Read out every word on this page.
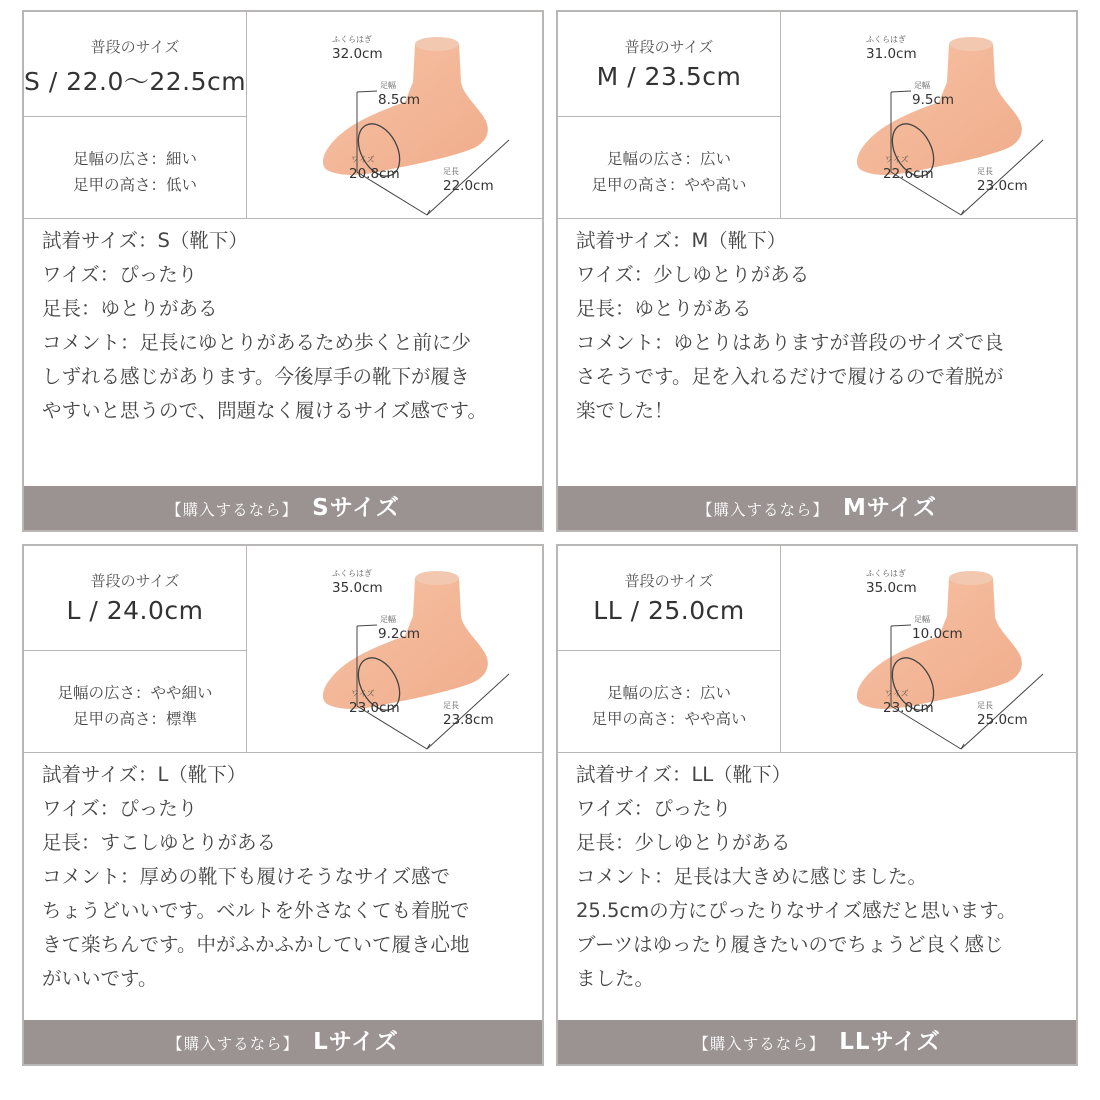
普段のサイズ
S / 22.0〜22.5cm
足幅の広さ：細い
足甲の高さ：低い
ふくらはぎ
32.0cm
足幅
8.5cm
ワイズ
20.8cm	足長
22.0cm
試着サイズ：S（靴下）
ワイズ：ぴったり
足長：ゆとりがある
コメント：足長にゆとりがあるため歩くと前に少
しずれる感じがあります。今後厚手の靴下が履き
やすいと思うので、問題なく履けるサイズ感です。
【購入するなら】 Sサイズ
普段のサイズ
M / 23.5cm
足幅の広さ：広い
足甲の高さ：やや高い
ふくらはぎ
31.0cm
足幅
9.5cm
ワイズ
22.6cm	足長
23.0cm
試着サイズ：M（靴下）
ワイズ：少しゆとりがある
足長：ゆとりがある
コメント：ゆとりはありますが普段のサイズで良
さそうです。足を入れるだけで履けるので着脱が
楽でした！
【購入するなら】 Mサイズ
普段のサイズ
L / 24.0cm
足幅の広さ：やや細い
足甲の高さ：標準
ふくらはぎ
35.0cm
足幅
9.2cm
ワイズ
23.0cm	足長
23.8cm
試着サイズ：L（靴下）
ワイズ：ぴったり
足長：すこしゆとりがある
コメント：厚めの靴下も履けそうなサイズ感で
ちょうどいいです。ベルトを外さなくても着脱で
きて楽ちんです。中がふかふかしていて履き心地
がいいです。
【購入するなら】 Lサイズ
普段のサイズ
LL / 25.0cm
足幅の広さ：広い
足甲の高さ：やや高い
ふくらはぎ
35.0cm
足幅
10.0cm
ワイズ
23.0cm	足長
25.0cm
試着サイズ：LL（靴下）
ワイズ：ぴったり
足長：少しゆとりがある
コメント：足長は大きめに感じました。
25.5cmの方にぴったりなサイズ感だと思います。
ブーツはゆったり履きたいのでちょうど良く感じ
ました。
【購入するなら】 LLサイズ
